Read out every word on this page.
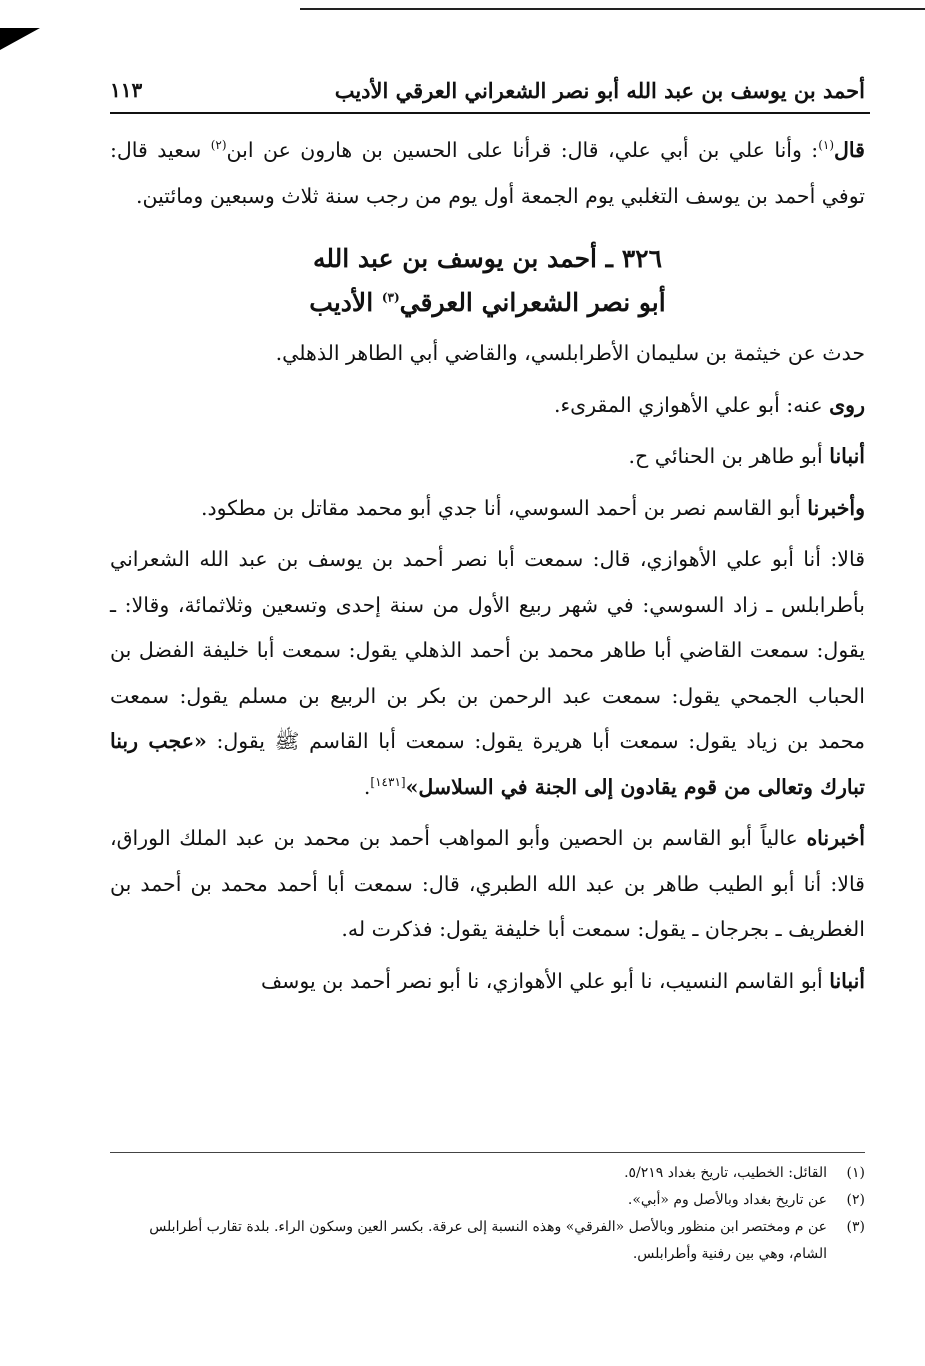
١١٣	أحمد بن يوسف بن عبد الله أبو نصر الشعراني العرقي الأديب

قال$^{(١)}$: وأنا علي بن أبي علي، قال: قرأنا على الحسين بن هارون عن ابن$^{(٢)}$ سعيد قال: توفي أحمد بن يوسف التغلبي يوم الجمعة أول يوم من رجب سنة ثلاث وسبعين ومائتين.

٣٢٦ ـ أحمد بن يوسف بن عبد الله
أبو نصر الشعراني العرقي$^{(٣)}$ الأديب

حدث عن خيثمة بن سليمان الأطرابلسي، والقاضي أبي الطاهر الذهلي.

روى عنه: أبو علي الأهوازي المقرىء.

أنبانا أبو طاهر بن الحنائي ح.

وأخبرنا أبو القاسم نصر بن أحمد السوسي، أنا جدي أبو محمد مقاتل بن مطكود.

قالا: أنا أبو علي الأهوازي، قال: سمعت أبا نصر أحمد بن يوسف بن عبد الله الشعراني بأطرابلس ـ زاد السوسي: في شهر ربيع الأول من سنة إحدى وتسعين وثلاثمائة، وقالا: ـ يقول: سمعت القاضي أبا طاهر محمد بن أحمد الذهلي يقول: سمعت أبا خليفة الفضل بن الحباب الجمحي يقول: سمعت عبد الرحمن بن بكر بن الربيع بن مسلم يقول: سمعت محمد بن زياد يقول: سمعت أبا هريرة يقول: سمعت أبا القاسم ﷺ يقول: «عجب ربنا تبارك وتعالى من قوم يقادون إلى الجنة في السلاسل»[١٤٣١].

أخبرناه عالياً أبو القاسم بن الحصين وأبو المواهب أحمد بن محمد بن عبد الملك الوراق، قالا: أنا أبو الطيب طاهر بن عبد الله الطبري، قال: سمعت أبا أحمد محمد بن أحمد بن الغطريف ـ بجرجان ـ يقول: سمعت أبا خليفة يقول: فذكرت له.

أنبانا أبو القاسم النسيب، نا أبو علي الأهوازي، نا أبو نصر أحمد بن يوسف

(١)
القائل: الخطيب، تاريخ بغداد ٥/٢١٩.
(٢)
عن تاريخ بغداد وبالأصل وم «أبي».
(٣)
عن م ومختصر ابن منظور وبالأصل «الفرقي» وهذه النسبة إلى عرقة. بكسر العين وسكون الراء. بلدة تقارب أطرابلس الشام، وهي بين رفنية وأطرابلس.
